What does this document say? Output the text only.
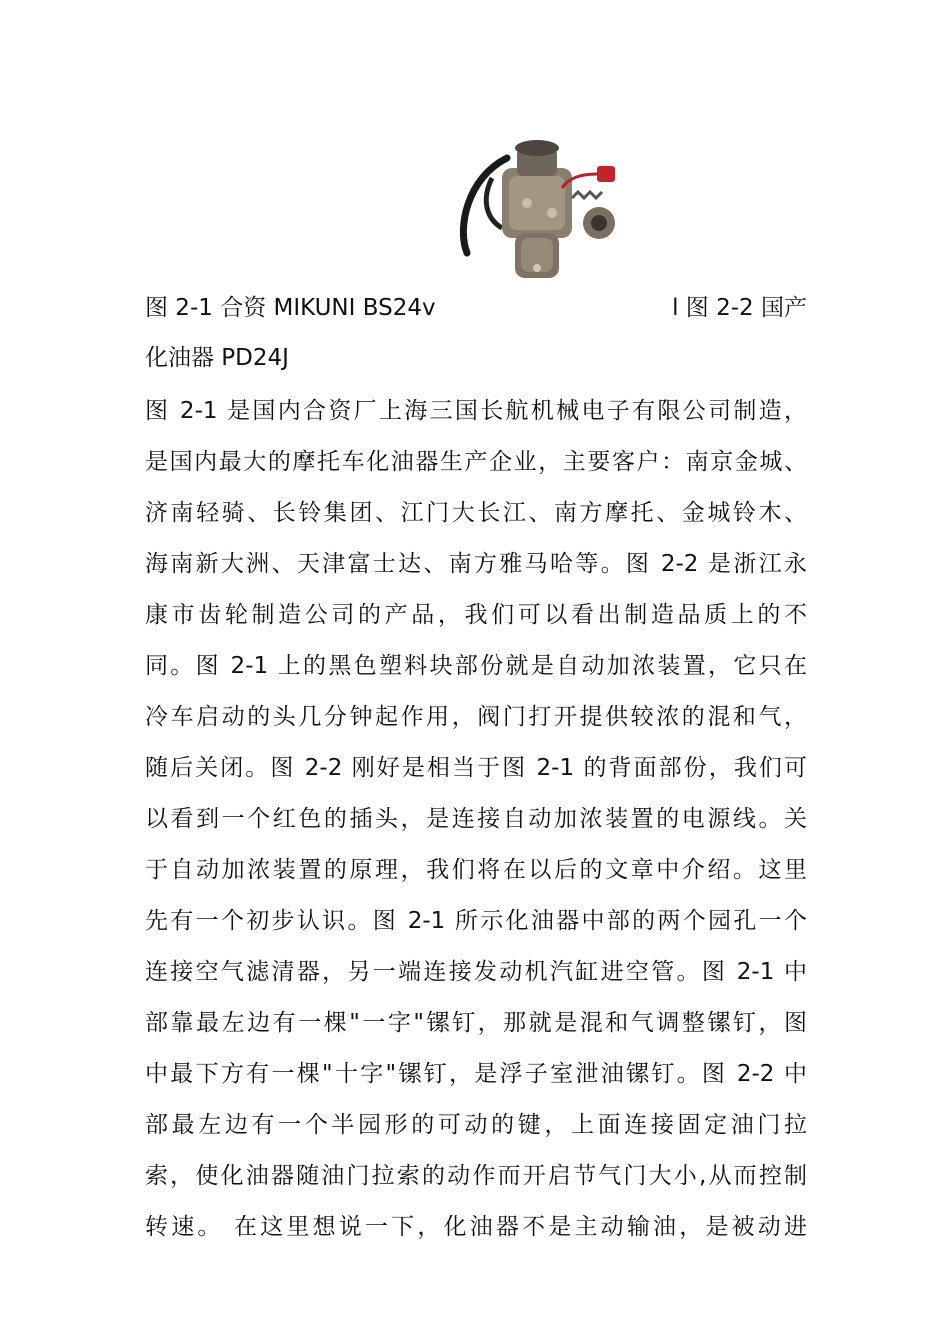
图 2-1 合资 MIKUNI BS24v	l 图 2-2 国产
化油器 PD24J
图 2-1 是国内合资厂上海三国长航机械电子有限公司制造，
是国内最大的摩托车化油器生产企业，主要客户：南京金城、
济南轻骑、长铃集团、江门大长江、南方摩托、金城铃木、
海南新大洲、天津富士达、南方雅马哈等。图 2-2 是浙江永
康市齿轮制造公司的产品，我们可以看出制造品质上的不
同。图 2-1 上的黑色塑料块部份就是自动加浓装置，它只在
冷车启动的头几分钟起作用，阀门打开提供较浓的混和气，
随后关闭。图 2-2 刚好是相当于图 2-1 的背面部份，我们可
以看到一个红色的插头，是连接自动加浓装置的电源线。关
于自动加浓装置的原理，我们将在以后的文章中介绍。这里
先有一个初步认识。图 2-1 所示化油器中部的两个园孔一个
连接空气滤清器，另一端连接发动机汽缸进空管。图 2-1 中
部靠最左边有一棵"一字"镙钉，那就是混和气调整镙钉，图
中最下方有一棵"十字"镙钉，是浮子室泄油镙钉。图 2-2 中
部最左边有一个半园形的可动的键，上面连接固定油门拉
索，使化油器随油门拉索的动作而开启节气门大小,从而控制
转速。 在这里想说一下，化油器不是主动输油，是被动进
